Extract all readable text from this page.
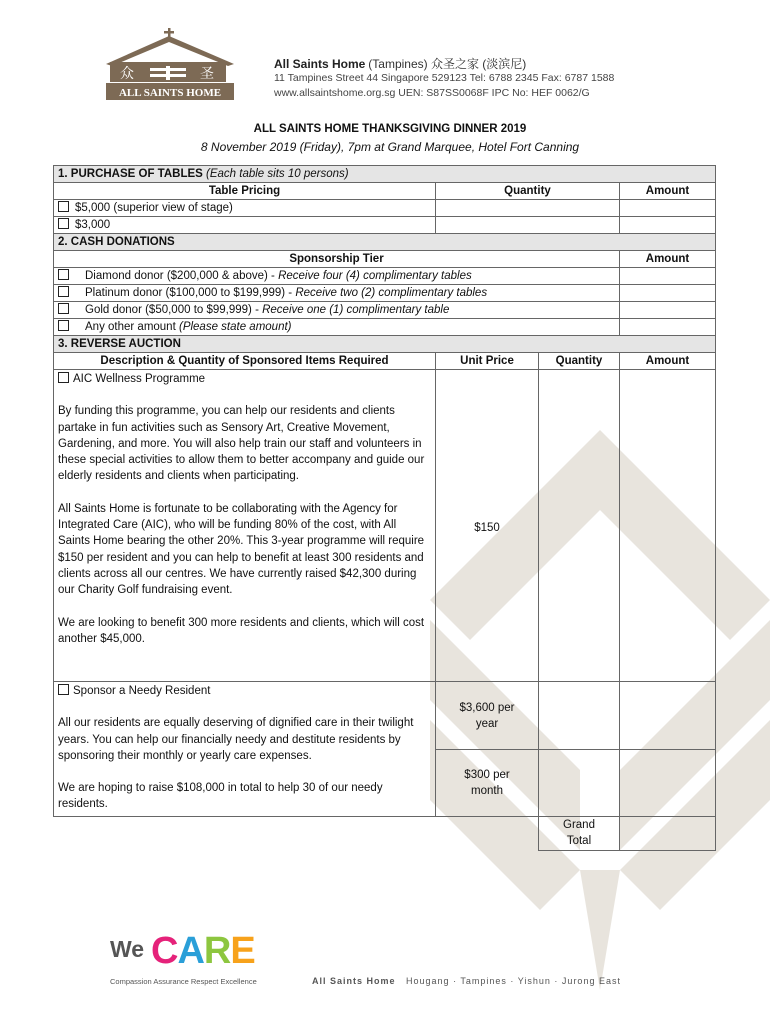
众	圣
ALL SAINTS HOME
All Saints Home (Tampines) 众圣之家 (淡滨尼)
11 Tampines Street 44 Singapore 529123 Tel: 6788 2345 Fax: 6787 1588
www.allsaintshome.org.sg UEN: S87SS0068F IPC No: HEF 0062/G
ALL SAINTS HOME THANKSGIVING DINNER 2019
8 November 2019 (Friday), 7pm at Grand Marquee, Hotel Fort Canning
1. PURCHASE OF TABLES (Each table sits 10 persons)			
Table Pricing	Quantity		Amount
$5,000 (superior view of stage)			
$3,000			
2. CASH DONATIONS			
Sponsorship Tier			Amount
Diamond donor ($200,000 & above) - Receive four (4) complimentary tables			
Platinum donor ($100,000 to $199,999) - Receive two (2) complimentary tables			
Gold donor ($50,000 to $99,999) - Receive one (1) complimentary table			
Any other amount (Please state amount)			
3. REVERSE AUCTION			
Description & Quantity of Sponsored Items Required	Unit Price	Quantity	Amount

AIC Wellness Programme

By funding this programme, you can help our residents and clients partake in fun activities such as Sensory Art, Creative Movement, Gardening, and more. You will also help train our staff and volunteers in these special activities to allow them to better accompany and guide our elderly residents and clients when participating.

All Saints Home is fortunate to be collaborating with the Agency for Integrated Care (AIC), who will be funding 80% of the cost, with All Saints Home bearing the other 20%. This 3-year programme will require $150 per resident and you can help to benefit at least 300 residents and clients across all our centres. We have currently raised $42,300 during our Charity Golf fundraising event.

We are looking to benefit 300 more residents and clients, which will cost another $45,000.	$150		

Sponsor a Needy Resident

All our residents are equally deserving of dignified care in their twilight years. You can help our financially needy and destitute residents by sponsoring their monthly or yearly care expenses.

We are hoping to raise $108,000 in total to help 30 of our needy residents.	$3,600 per year		
	$300 per month		
		Grand Total	
We CARE
Compassion Assurance Respect Excellence	All Saints Home Hougang · Tampines · Yishun · Jurong East
